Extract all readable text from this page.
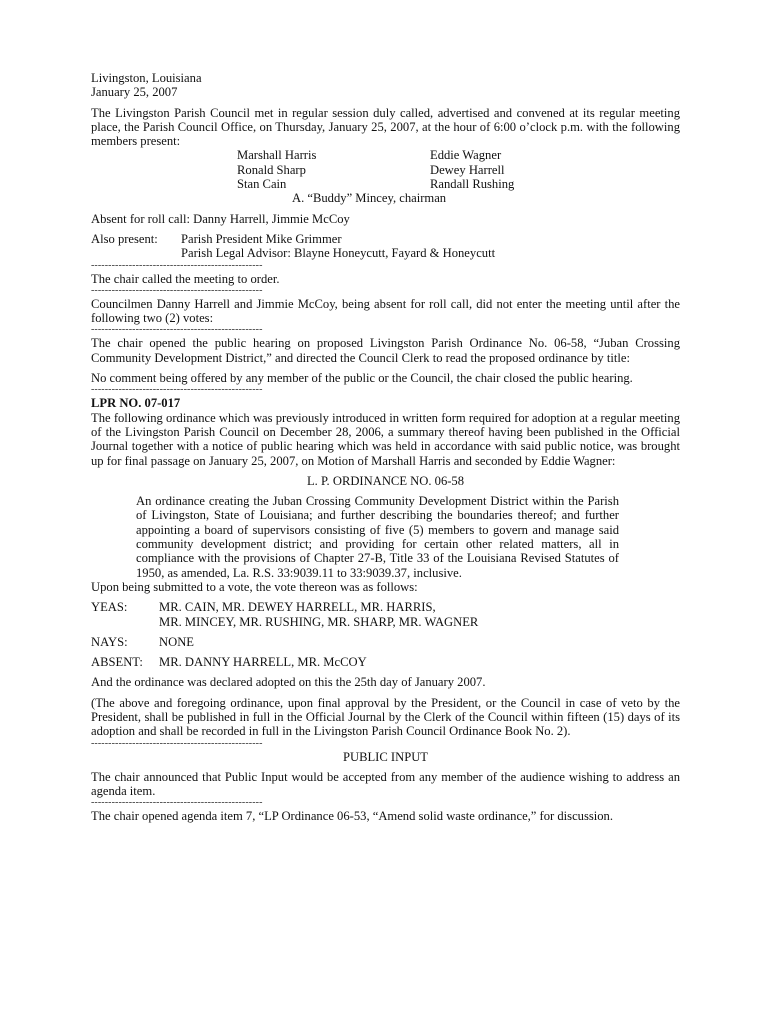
Livingston, Louisiana

January 25, 2007

The Livingston Parish Council met in regular session duly called, advertised and convened at its regular meeting place, the Parish Council Office, on Thursday, January 25, 2007, at the hour of 6:00 o’clock p.m. with the following members present:

Marshall Harris	Eddie Wagner
Ronald Sharp	Dewey Harrell
Stan Cain	Randall Rushing

A. “Buddy” Mincey, chairman

Absent for roll call: Danny Harrell, Jimmie McCoy

Also present:	Parish President Mike Grimmer

Parish Legal Advisor: Blayne Honeycutt, Fayard & Honeycutt

--------------------------------------------------

The chair called the meeting to order.

--------------------------------------------------

Councilmen Danny Harrell and Jimmie McCoy, being absent for roll call, did not enter the meeting until after the following two (2) votes:

--------------------------------------------------

The chair opened the public hearing on proposed Livingston Parish Ordinance No. 06-58, “Juban Crossing Community Development District,” and directed the Council Clerk to read the proposed ordinance by title:

No comment being offered by any member of the public or the Council, the chair closed the public hearing.

--------------------------------------------------

LPR NO. 07-017

The following ordinance which was previously introduced in written form required for adoption at a regular meeting of the Livingston Parish Council on December 28, 2006, a summary thereof having been published in the Official Journal together with a notice of public hearing which was held in accordance with said public notice, was brought up for final passage on January 25, 2007, on Motion of Marshall Harris and seconded by Eddie Wagner:

L. P. ORDINANCE NO. 06-58

An ordinance creating the Juban Crossing Community Development District within the Parish of Livingston, State of Louisiana; and further describing the boundaries thereof; and further appointing a board of supervisors consisting of five (5) members to govern and manage said community development district; and providing for certain other related matters, all in compliance with the provisions of Chapter 27-B, Title 33 of the Louisiana Revised Statutes of 1950, as amended, La. R.S. 33:9039.11 to 33:9039.37, inclusive.

Upon being submitted to a vote, the vote thereon was as follows:

YEAS:	MR. CAIN, MR. DEWEY HARRELL, MR. HARRIS,

MR. MINCEY, MR. RUSHING, MR. SHARP, MR. WAGNER

NAYS:	NONE
ABSENT:	MR. DANNY HARRELL, MR. McCOY

And the ordinance was declared adopted on this the 25th day of January 2007.

(The above and foregoing ordinance, upon final approval by the President, or the Council in case of veto by the President, shall be published in full in the Official Journal by the Clerk of the Council within fifteen (15) days of its adoption and shall be recorded in full in the Livingston Parish Council Ordinance Book No. 2).

--------------------------------------------------

PUBLIC INPUT

The chair announced that Public Input would be accepted from any member of the audience wishing to address an agenda item.

--------------------------------------------------

The chair opened agenda item 7, “LP Ordinance 06-53, “Amend solid waste ordinance,” for discussion.
